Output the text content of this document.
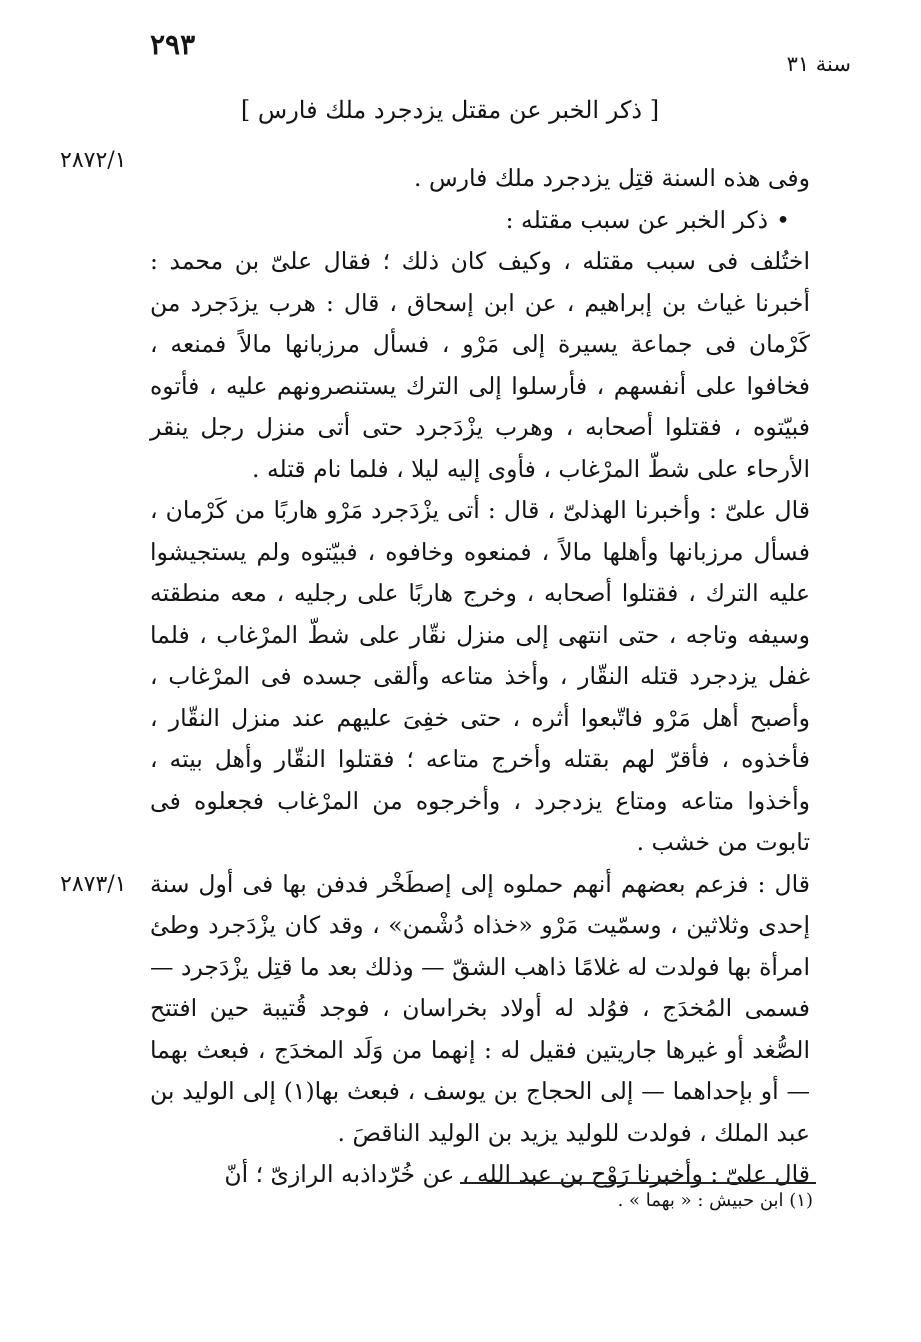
٢٩٣
سنة ٣١
[ ذكر الخبر عن مقتل يزدجرد ملك فارس ]
٢٨٧٢/١
٢٨٧٣/١

وفى هذه السنة قتِل يزدجرد ملك فارس .

•ذكر الخبر عن سبب مقتله :

اختُلف فى سبب مقتله ، وكيف كان ذلك ؛ فقال علىّ بن محمد : أخبرنا غياث بن إبراهيم ، عن ابن إسحاق ، قال : هرب يزدَجرد من كَرْمان فى جماعة يسيرة إلى مَرْو ، فسأل مرزبانها مالاً فمنعه ، فخافوا على أنفسهم ، فأرسلوا إلى الترك يستنصرونهم عليه ، فأتوه فبيّتوه ، فقتلوا أصحابه ، وهرب يزْدَجرد حتى أتى منزل رجل ينقر الأرحاء على شطّ المرْغاب ، فأوى إليه ليلا ، فلما نام قتله .

قال علىّ : وأخبرنا الهذلىّ ، قال : أتى يزْدَجرد مَرْو هاربًا من كَرْمان ، فسأل مرزبانها وأهلها مالاً ، فمنعوه وخافوه ، فبيّتوه ولم يستجيشوا عليه الترك ، فقتلوا أصحابه ، وخرج هاربًا على رجليه ، معه منطقته وسيفه وتاجه ، حتى انتهى إلى منزل نقّار على شطّ المرْغاب ، فلما غفل يزدجرد قتله النقّار ، وأخذ متاعه وألقى جسده فى المرْغاب ، وأصبح أهل مَرْو فاتّبعوا أثره ، حتى خفِىَ عليهم عند منزل النقّار ، فأخذوه ، فأقرّ لهم بقتله وأخرج متاعه ؛ فقتلوا النقّار وأهل بيته ، وأخذوا متاعه ومتاع يزدجرد ، وأخرجوه من المرْغاب فجعلوه فى تابوت من خشب .

قال : فزعم بعضهم أنهم حملوه إلى إصطَخْر فدفن بها فى أول سنة إحدى وثلاثين ، وسمّيت مَرْو «خذاه دُشْمن» ، وقد كان يزْدَجرد وطئ امرأة بها فولدت له غلامًا ذاهب الشقّ — وذلك بعد ما قتِل يزْدَجرد — فسمى المُخدَج ، فوُلد له أولاد بخراسان ، فوجد قُتيبة حين افتتح الصُّغد أو غيرها جاريتين فقيل له : إنهما من وَلَد المخدَج ، فبعث بهما — أو بإحداهما — إلى الحجاج بن يوسف ، فبعث بها(١) إلى الوليد بن عبد الملك ، فولدت للوليد يزيد بن الوليد الناقصَ .

قال علىّ : وأخبرنا رَوْح بن عبد الله ، عن خُرّداذبه الرازىّ ؛ أنّ

(١) ابن حبيش : « بهما » .
